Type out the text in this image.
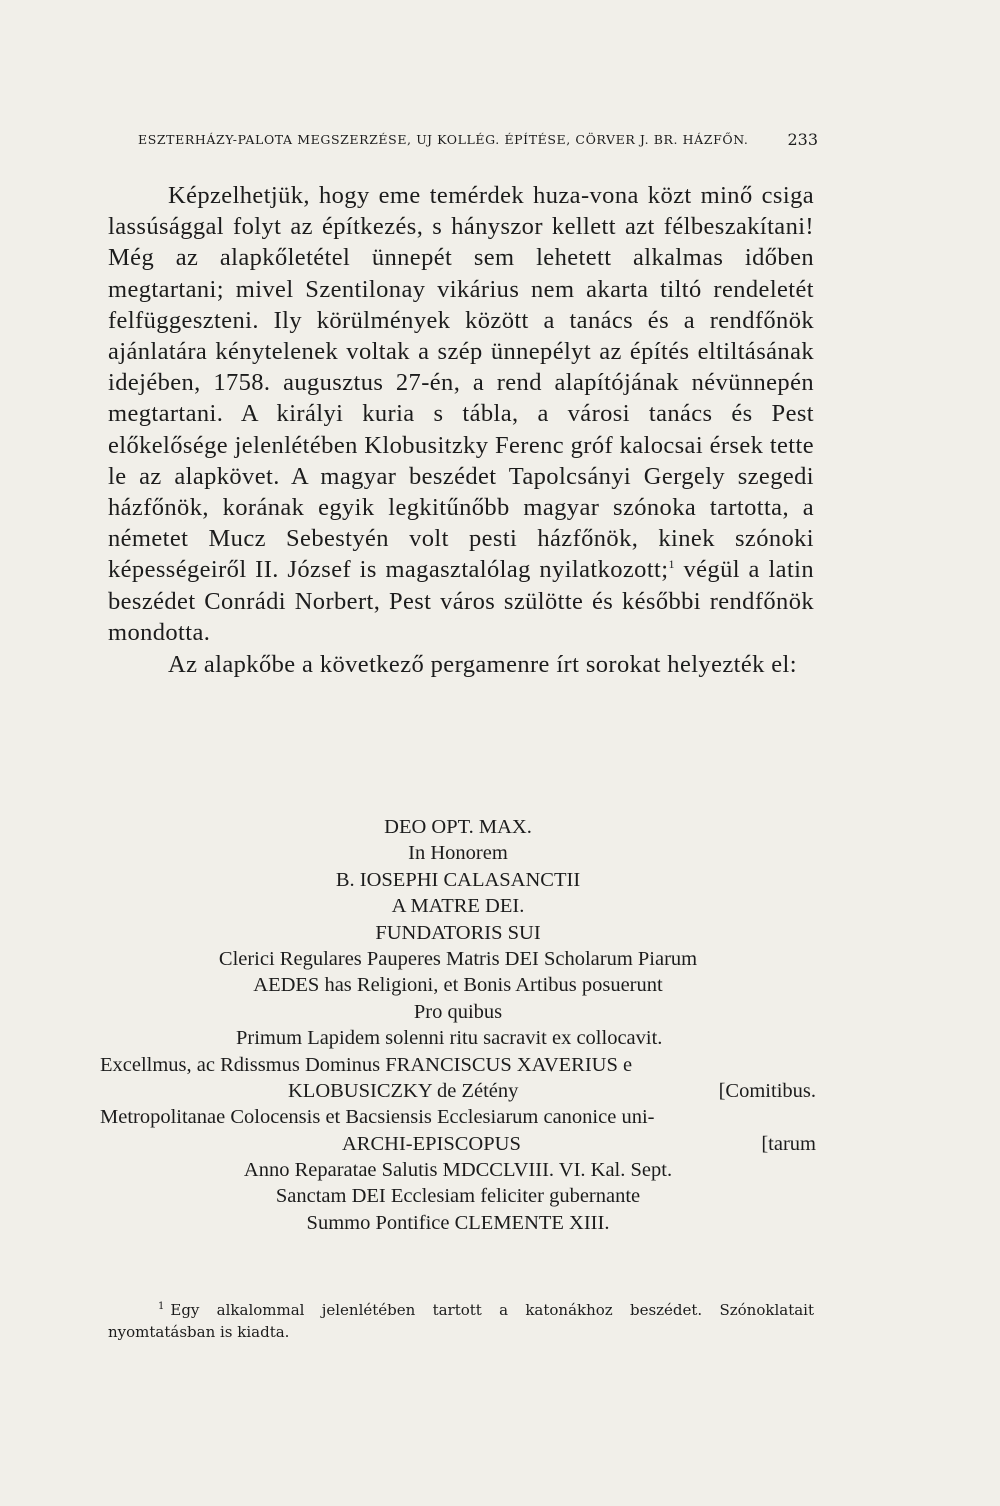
ESZTERHÁZY-PALOTA MEGSZERZÉSE, UJ KOLLÉG. ÉPÍTÉSE, CÖRVER J. BR. HÁZFŐN. 233

Képzelhetjük, hogy eme temérdek huza-vona közt minő csiga lassúsággal folyt az építkezés, s hányszor kellett azt félbeszakítani! Még az alapkőletétel ünnepét sem lehetett alkalmas időben megtartani; mivel Szentilonay vikárius nem akarta tiltó rendeletét felfüggeszteni. Ily körülmények között a tanács és a rendfőnök ajánlatára kénytelenek voltak a szép ünnepélyt az építés eltiltásának idejében, 1758. augusztus 27-én, a rend alapítójának névünnepén megtartani. A királyi kuria s tábla, a városi tanács és Pest előkelősége jelenlétében Klobusitzky Ferenc gróf kalocsai érsek tette le az alapkövet. A magyar beszédet Tapolcsányi Gergely szegedi házfőnök, korának egyik legkitűnőbb magyar szónoka tartotta, a németet Mucz Sebestyén volt pesti házfőnök, kinek szónoki képességeiről II. József is magasztalólag nyilatkozott;$^1$ végül a latin beszédet Conrádi Norbert, Pest város szülötte és későbbi rendfőnök mondotta.

Az alapkőbe a következő pergamenre írt sorokat helyezték el:

DEO OPT. MAX.
In Honorem
B. IOSEPHI CALASANCTII
A MATRE DEI.
FUNDATORIS SUI
Clerici Regulares Pauperes Matris DEI Scholarum Piarum
AEDES has Religioni, et Bonis Artibus posuerunt
Pro quibus
Primum Lapidem solenni ritu sacravit ex collocavit.
Excellmus, ac Rdissmus Dominus FRANCISCUS XAVERIUS e
KLOBUSICZKY de Zétény	[Comitibus.
Metropolitanae Colocensis et Bacsiensis Ecclesiarum canonice uni-
ARCHI-EPISCOPUS	[tarum
Anno Reparatae Salutis MDCCLVIII. VI. Kal. Sept.
Sanctam DEI Ecclesiam feliciter gubernante
Summo Pontifice CLEMENTE XIII.
$^1$ Egy alkalommal jelenlétében tartott a katonákhoz beszédet. Szónoklatait nyomtatásban is kiadta.
